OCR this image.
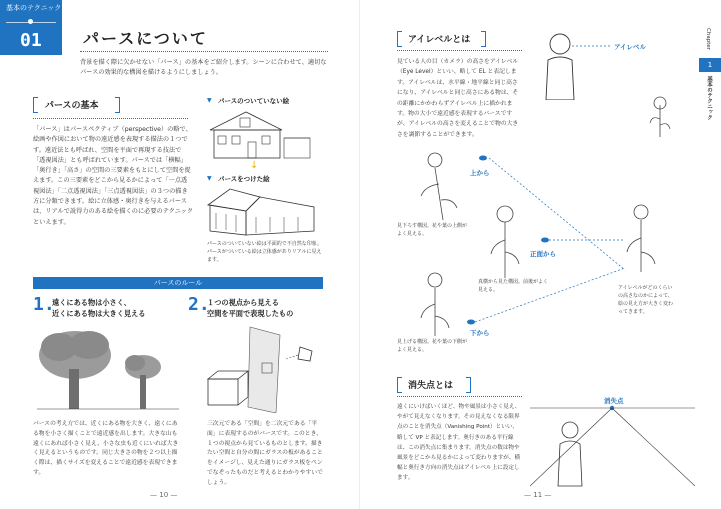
基本のテクニック
01	パースについて
背景を描く際に欠かせない「パース」の基本をご紹介します。シーンに合わせて、適切なパースの効果的な構図を描けるようにしましょう。
パースの基本
「パース」はパースペクティブ（perspective）の略で、絵画や作図において物の遠近感を表現する描法の１つです。遠近法とも呼ばれ、空間を平面で再現する技法で「透視図法」とも呼ばれています。パースでは「横幅」「奥行き」「高さ」の空間の三要素をもとにして空間を捉えます。この三要素をどこから見るかによって「一点透視図法」「二点透視図法」「三点透視図法」の３つの描き方に分類できます。絵に立体感・奥行きを与えるパースは、リアルで説得力のある絵を描くのに必要のテクニックといえます。
▼ パースのついていない絵
↓
▼ パースをつけた絵
パースのついていない絵は平面的で不自然な印象。パースがついている絵は立体感がありリアルに見えます。
パースのルール
1.
遠くにある物は小さく、
近くにある物は大きく見える 2.
１つの視点から見える
空間を平面で表現したもの
パースの考え方では、近くにある物を大きく、遠くにある物を小さく描くことで遠近感を出します。大きな山も遠くにあれば小さく見え、小さな虫も近くにいれば大きく見えるというものです。同じ大きさの物を２つ以上描く際は、描くサイズを変えることで遠近感を表現できます。
三次元である「空間」を二次元である「平面」に表現するのがパースです。このとき、１つの視点から見ているものとします。描きたい空間と自分の間にガラスの板があることをイメージし、見えた通りにガラス板をペンでなぞったものだと考えるとわかりやすいでしょう。
— 10 —
アイレベルとは
見ている人の目（カメラ）の高さをアイレベル（Eye Level）といい、略して EL と表記します。アイレベルは、水平線・地平線と同じ高さになり、アイレベルと同じ高さにある物は、その距離にかかわらずアイレベル上に描かれます。物の大小で遠近感を表現するパースですが、アイレベルの高さを変えることで物の大きさを調節することができます。
アイレベル
上から
正面から
下から
見下ろす構図。花や葉の上側がよく見える。
真横から見た構図。前後がよく見える。
見上げる構図。花や葉の下側がよく見える。
アイレベルがどのくらいの高さなのかによって、絵の見え方が大きく変わってきます。
消失点とは
遠くにいけばいくほど、物や風景は小さく見え、やがて見えなくなります。その見えなくなる限界点のことを消失点（Vanishing Point）といい、略して VP と表記します。奥行きのある平行線は、この消失点に集まります。消失点の数は物や風景をどこから見るかによって変わりますが、横幅と奥行き方向の消失点はアイレベル上に設定します。
消失点
— 11 —
Chapter
1
基本のテクニック
